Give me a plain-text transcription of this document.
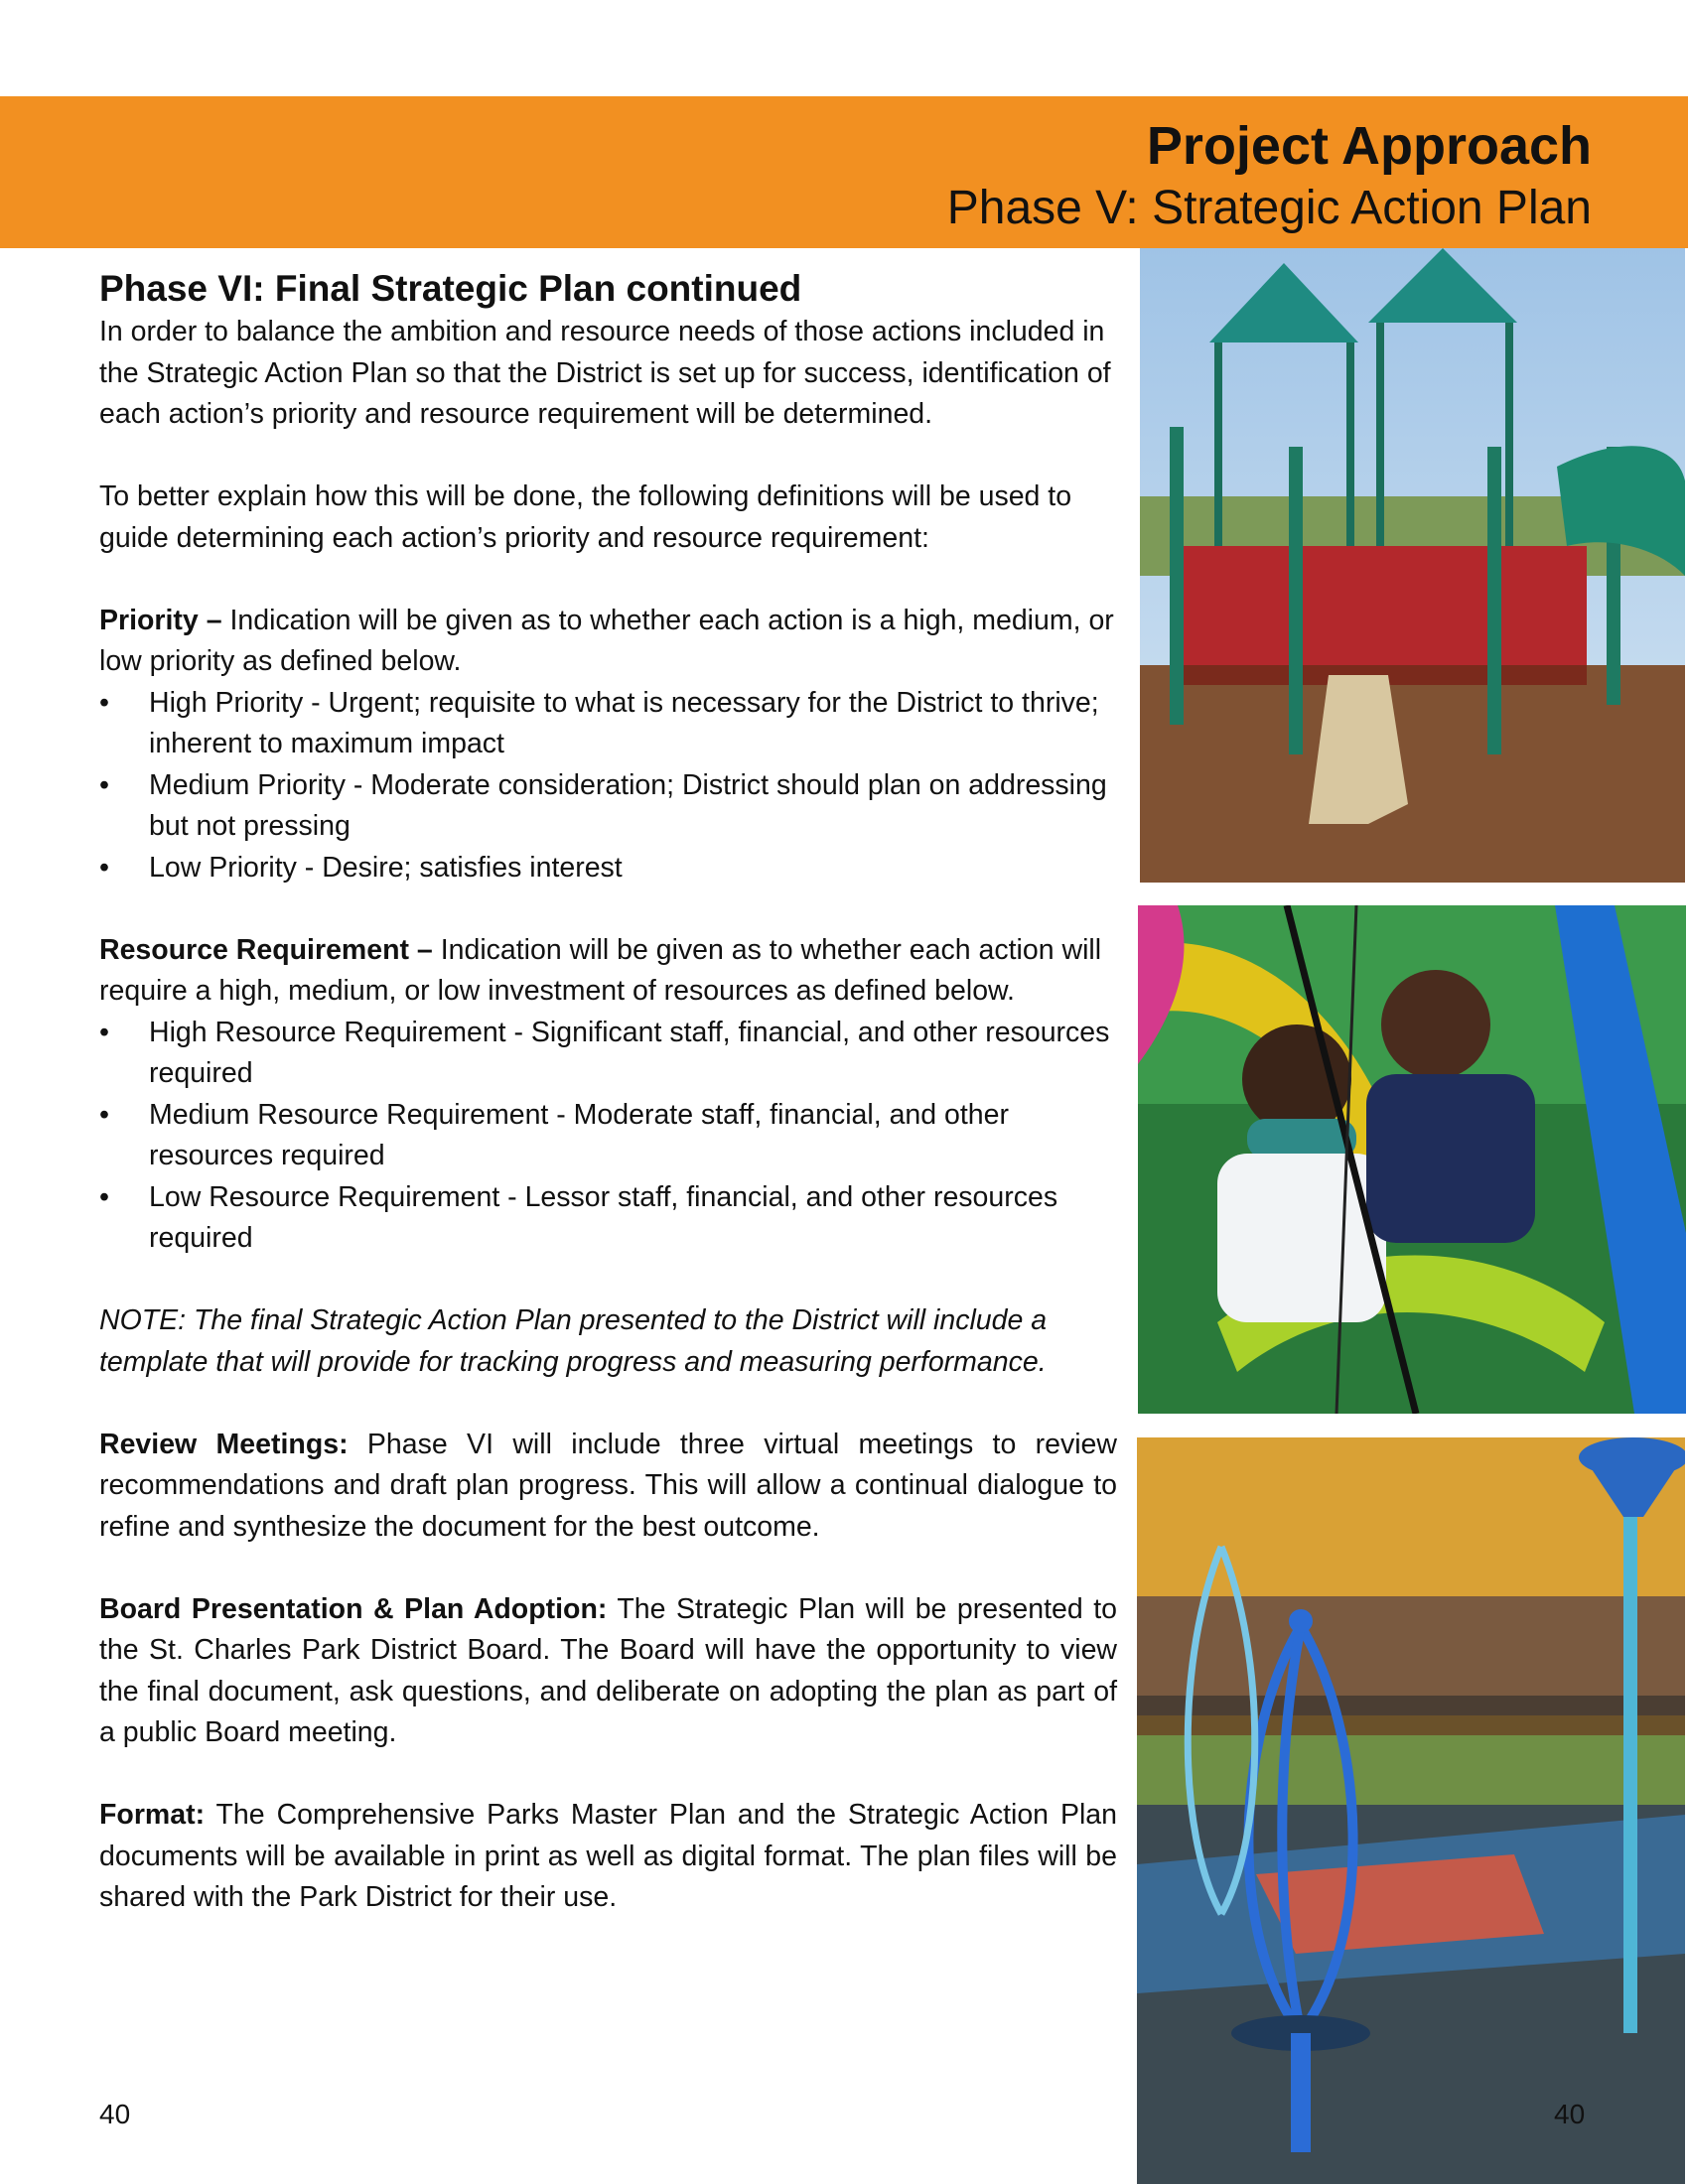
Project Approach
Phase V: Strategic Action Plan
Phase VI: Final Strategic Plan continued

In order to balance the ambition and resource needs of those actions included in the Strategic Action Plan so that the District is set up for success, identification of each action’s priority and resource requirement will be determined.

To better explain how this will be done, the following definitions will be used to guide determining each action’s priority and resource requirement:

Priority – Indication will be given as to whether each action is a high, medium, or low priority as defined below.

• High Priority - Urgent; requisite to what is necessary for the District to thrive; inherent to maximum impact
• Medium Priority - Moderate consideration; District should plan on addressing but not pressing
• Low Priority - Desire; satisfies interest

Resource Requirement – Indication will be given as to whether each action will require a high, medium, or low investment of resources as defined below.

• High Resource Requirement - Significant staff, financial, and other resources required
• Medium Resource Requirement - Moderate staff, financial, and other resources required
• Low Resource Requirement - Lessor staff, financial, and other resources required

NOTE: The final Strategic Action Plan presented to the District will include a template that will provide for tracking progress and measuring performance.

Review Meetings: Phase VI will include three virtual meetings to review recommendations and draft plan progress. This will allow a continual dialogue to refine and synthesize the document for the best outcome.

Board Presentation & Plan Adoption: The Strategic Plan will be presented to the St. Charles Park District Board. The Board will have the opportunity to view the final document, ask questions, and deliberate on adopting the plan as part of a public Board meeting.

Format: The Comprehensive Parks Master Plan and the Strategic Action Plan documents will be available in print as well as digital format. The plan files will be shared with the Park District for their use.

40	40
